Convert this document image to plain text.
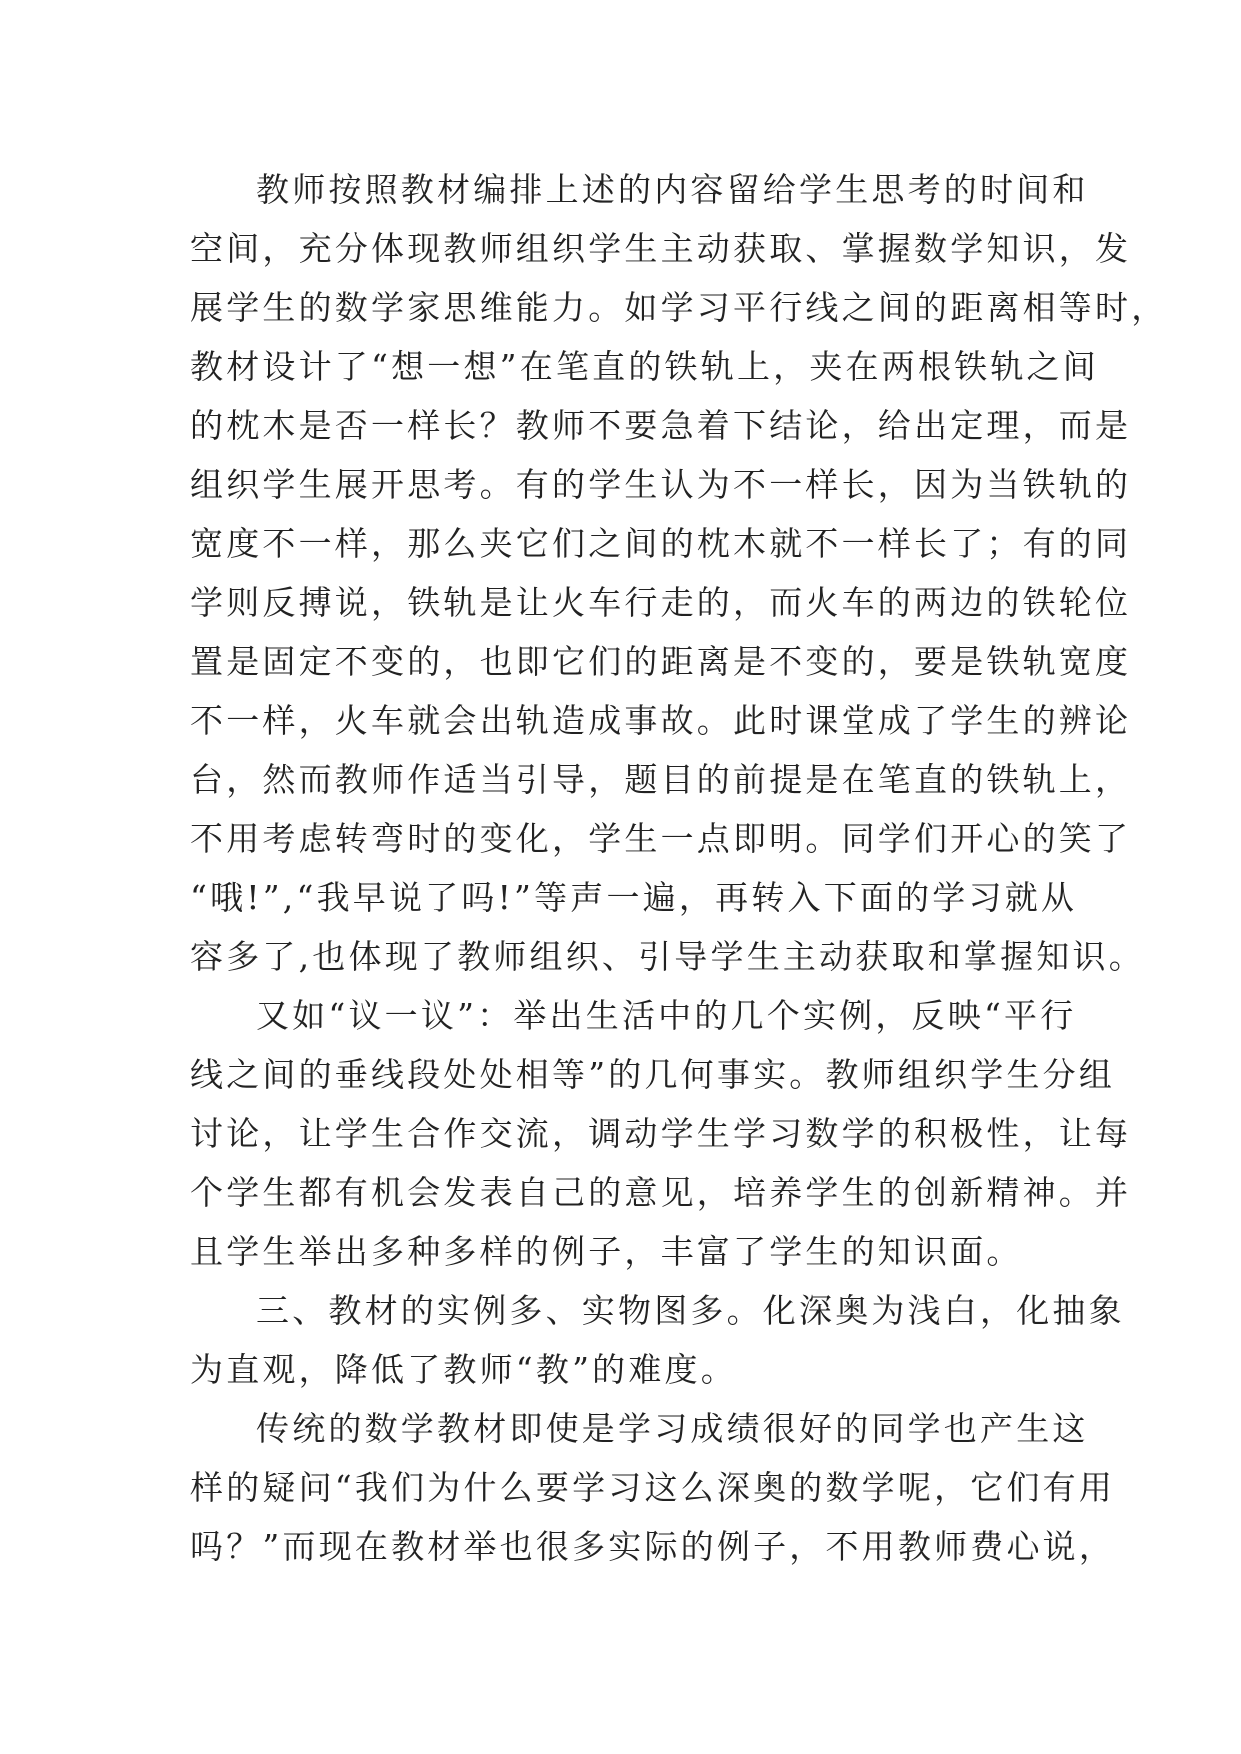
教师按照教材编排上述的内容留给学生思考的时间和
空间，充分体现教师组织学生主动获取、掌握数学知识，发
展学生的数学家思维能力。如学习平行线之间的距离相等时，
教材设计了“想一想”在笔直的铁轨上，夹在两根铁轨之间
的枕木是否一样长？教师不要急着下结论，给出定理，而是
组织学生展开思考。有的学生认为不一样长，因为当铁轨的
宽度不一样，那么夹它们之间的枕木就不一样长了；有的同
学则反搏说，铁轨是让火车行走的，而火车的两边的铁轮位
置是固定不变的，也即它们的距离是不变的，要是铁轨宽度
不一样，火车就会出轨造成事故。此时课堂成了学生的辨论
台，然而教师作适当引导，题目的前提是在笔直的铁轨上，
不用考虑转弯时的变化，学生一点即明。同学们开心的笑了
“哦!”,“我早说了吗!”等声一遍，再转入下面的学习就从
容多了,也体现了教师组织、引导学生主动获取和掌握知识。
又如“议一议”：举出生活中的几个实例，反映“平行
线之间的垂线段处处相等”的几何事实。教师组织学生分组
讨论，让学生合作交流，调动学生学习数学的积极性，让每
个学生都有机会发表自己的意见，培养学生的创新精神。并
且学生举出多种多样的例子，丰富了学生的知识面。
三、教材的实例多、实物图多。化深奥为浅白，化抽象
为直观，降低了教师“教”的难度。
传统的数学教材即使是学习成绩很好的同学也产生这
样的疑问“我们为什么要学习这么深奥的数学呢，它们有用
吗？”而现在教材举也很多实际的例子，不用教师费心说，
